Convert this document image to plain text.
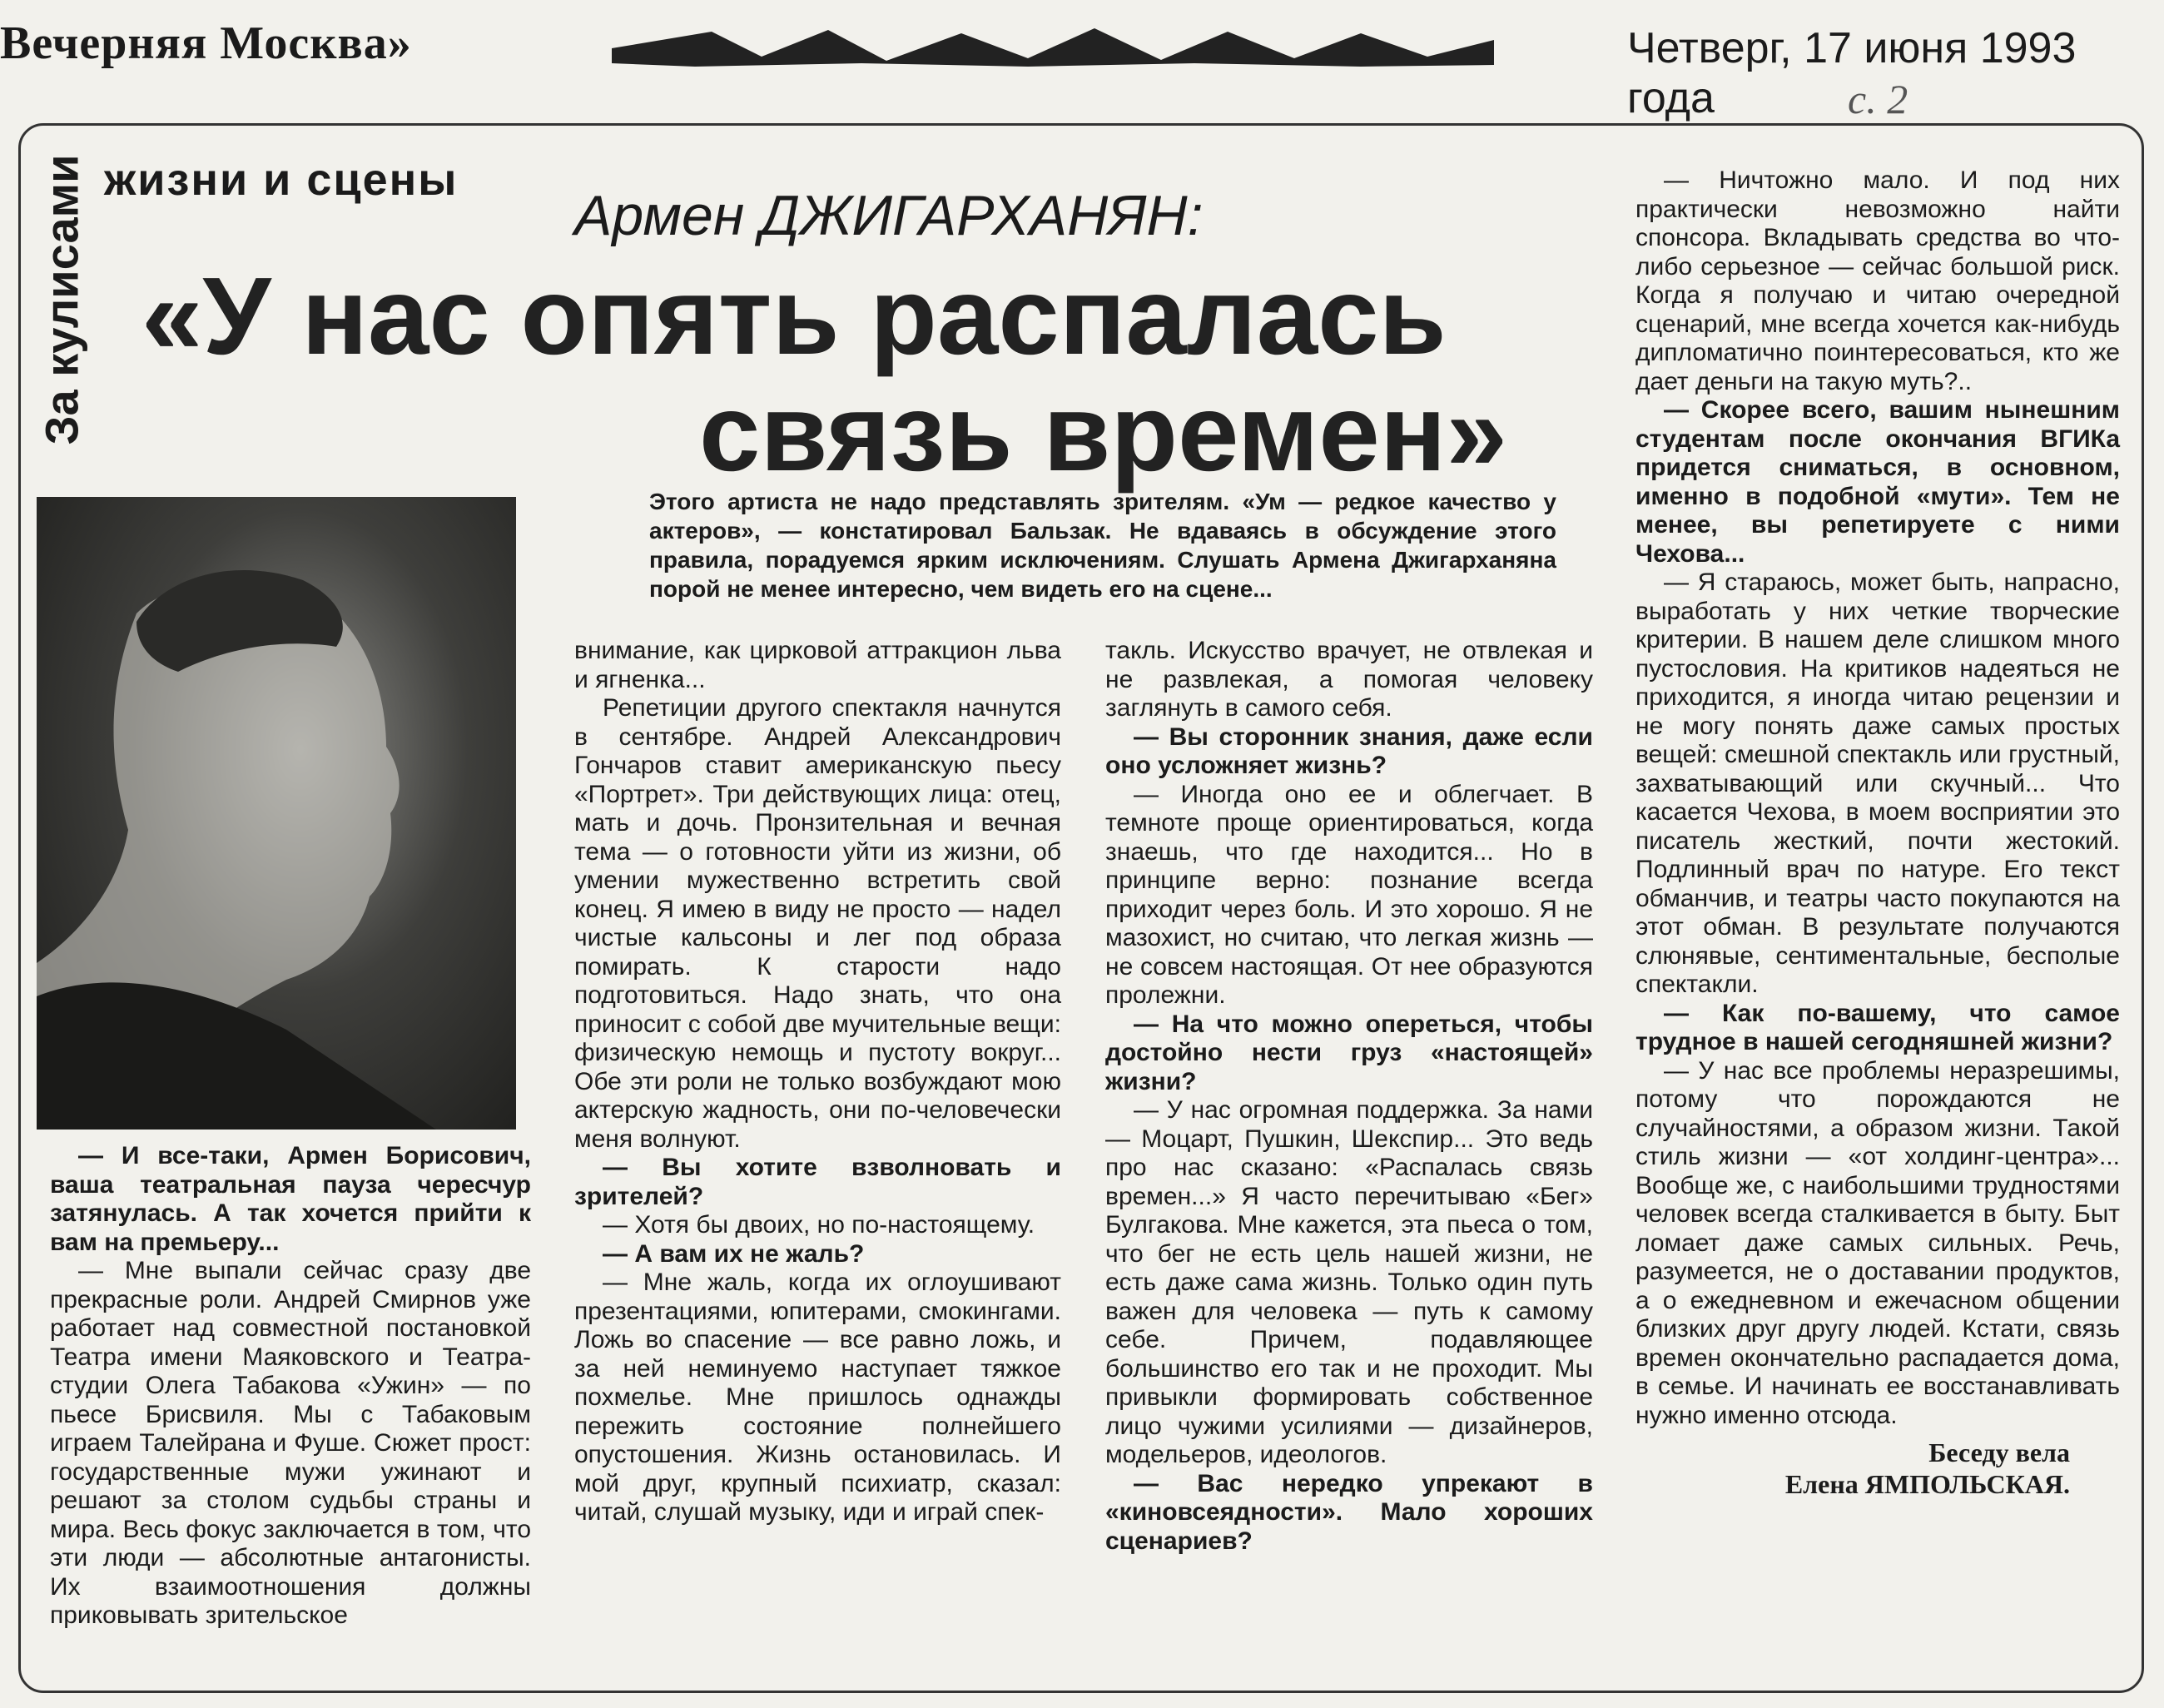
Вечерняя Москва»	Четверг, 17 июня 1993 года	с. 2
За кулисами жизни и сцены
Армен ДЖИГАРХАНЯН:
«У нас опять распалась
связь времен»
Этого артиста не надо представлять зрителям. «Ум — редкое качество у актеров», — констатировал Бальзак. Не вдаваясь в обсуждение этого правила, порадуемся ярким исключениям. Слушать Армена Джигарханяна порой не менее интересно, чем видеть его на сцене...

— И все-таки, Армен Борисович, ваша театральная пауза чересчур затянулась. А так хочется прийти к вам на премьеру...

— Мне выпали сейчас сразу две прекрасные роли. Андрей Смирнов уже работает над совместной постановкой Театра имени Маяковского и Театра-студии Олега Табакова «Ужин» — по пьесе Брисвиля. Мы с Табаковым играем Талейрана и Фуше. Сюжет прост: государственные мужи ужинают и решают за столом судьбы страны и мира. Весь фокус заключается в том, что эти люди — абсолютные антагонисты. Их взаимоотношения должны приковывать зрительское

внимание, как цирковой аттракцион льва и ягненка...

Репетиции другого спектакля начнутся в сентябре. Андрей Александрович Гончаров ставит американскую пьесу «Портрет». Три действующих лица: отец, мать и дочь. Пронзительная и вечная тема — о готовности уйти из жизни, об умении мужественно встретить свой конец. Я имею в виду не просто — надел чистые кальсоны и лег под образа помирать. К старости надо подготовиться. Надо знать, что она приносит с собой две мучительные вещи: физическую немощь и пустоту вокруг... Обе эти роли не только возбуждают мою актерскую жадность, они по-человечески меня волнуют.

— Вы хотите взволновать и зрителей?

— Хотя бы двоих, но по-настоящему.

— А вам их не жаль?

— Мне жаль, когда их оглоушивают презентациями, юпитерами, смокингами. Ложь во спасение — все равно ложь, и за ней неминуемо наступает тяжкое похмелье. Мне пришлось однажды пережить состояние полнейшего опустошения. Жизнь остановилась. И мой друг, крупный психиатр, сказал: читай, слушай музыку, иди и играй спек-

такль. Искусство врачует, не отвлекая и не развлекая, а помогая человеку заглянуть в самого себя.

— Вы сторонник знания, даже если оно усложняет жизнь?

— Иногда оно ее и облегчает. В темноте проще ориентироваться, когда знаешь, что где находится... Но в принципе верно: познание всегда приходит через боль. И это хорошо. Я не мазохист, но считаю, что легкая жизнь — не совсем настоящая. От нее образуются пролежни.

— На что можно опереться, чтобы достойно нести груз «настоящей» жизни?

— У нас огромная поддержка. За нами — Моцарт, Пушкин, Шекспир... Это ведь про нас сказано: «Распалась связь времен...» Я часто перечитываю «Бег» Булгакова. Мне кажется, эта пьеса о том, что бег не есть цель нашей жизни, не есть даже сама жизнь. Только один путь важен для человека — путь к самому себе. Причем, подавляющее большинство его так и не проходит. Мы привыкли формировать собственное лицо чужими усилиями — дизайнеров, модельеров, идеологов.

— Вас нередко упрекают в «киновсеядности». Мало хороших сценариев?

— Ничтожно мало. И под них практически невозможно найти спонсора. Вкладывать средства во что-либо серьезное — сейчас большой риск. Когда я получаю и читаю очередной сценарий, мне всегда хочется как-нибудь дипломатично поинтересоваться, кто же дает деньги на такую муть?..

— Скорее всего, вашим нынешним студентам после окончания ВГИКа придется сниматься, в основном, именно в подобной «мути». Тем не менее, вы репетируете с ними Чехова...

— Я стараюсь, может быть, напрасно, выработать у них четкие творческие критерии. В нашем деле слишком много пустословия. На критиков надеяться не приходится, я иногда читаю рецензии и не могу понять даже самых простых вещей: смешной спектакль или грустный, захватывающий или скучный... Что касается Чехова, в моем восприятии это писатель жесткий, почти жестокий. Подлинный врач по натуре. Его текст обманчив, и театры часто покупаются на этот обман. В результате получаются слюнявые, сентиментальные, бесполые спектакли.

— Как по-вашему, что самое трудное в нашей сегодняшней жизни?

— У нас все проблемы неразрешимы, потому что порождаются не случайностями, а образом жизни. Такой стиль жизни — «от холдинг-центра»... Вообще же, с наибольшими трудностями человек всегда сталкивается в быту. Быт ломает даже самых сильных. Речь, разумеется, не о доставании продуктов, а о ежедневном и ежечасном общении близких друг другу людей. Кстати, связь времен окончательно распадается дома, в семье. И начинать ее восстанавливать нужно именно отсюда.

Беседу вела
Елена ЯМПОЛЬСКАЯ.
